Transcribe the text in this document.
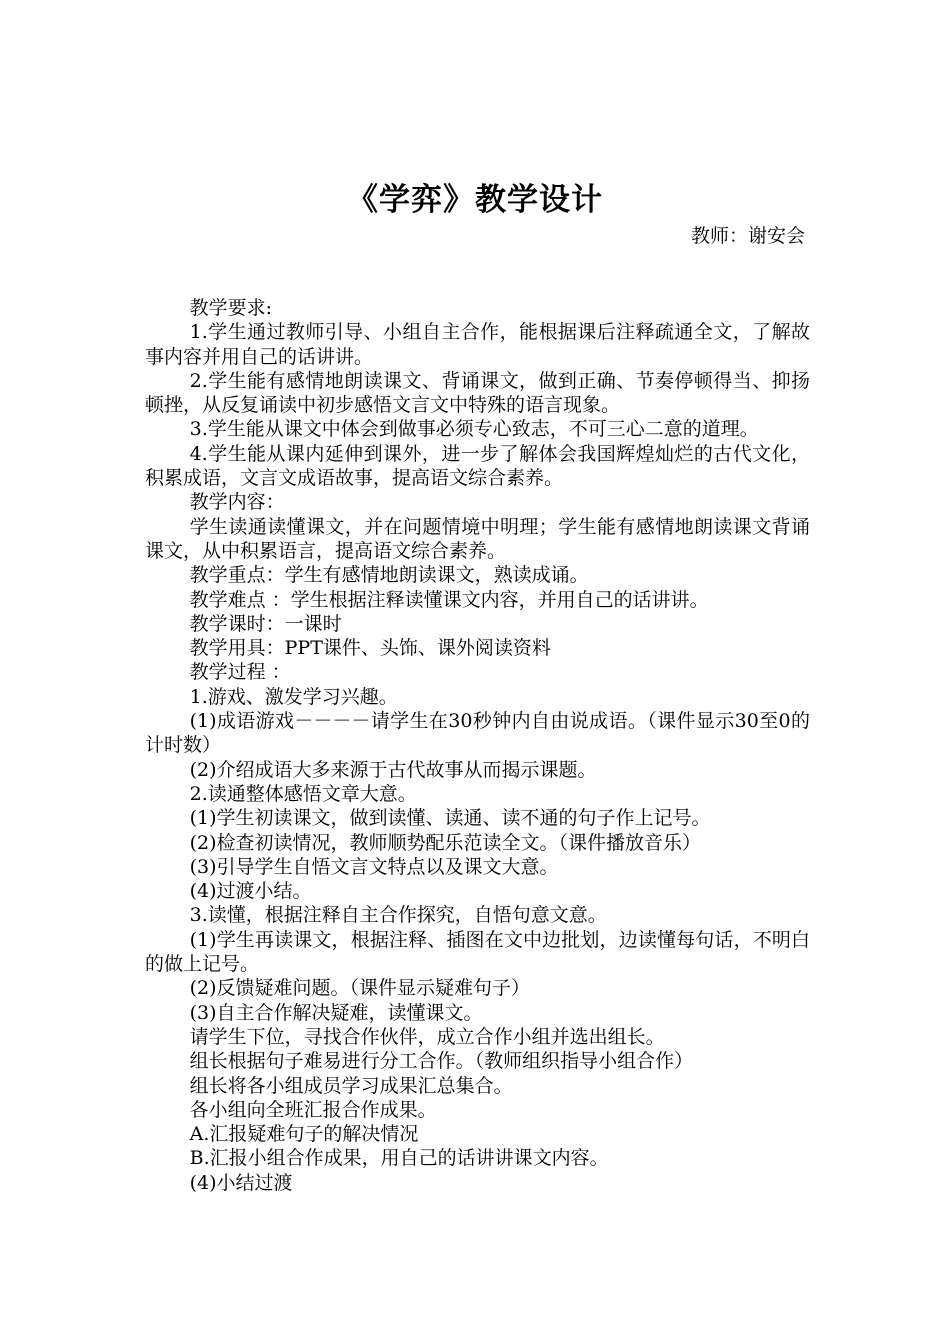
《学弈》教学设计
教师：谢安会

教学要求:

1.学生通过教师引导、小组自主合作，能根据课后注释疏通全文，了解故事内容并用自己的话讲讲。

2.学生能有感情地朗读课文、背诵课文，做到正确、节奏停顿得当、抑扬顿挫，从反复诵读中初步感悟文言文中特殊的语言现象。

3.学生能从课文中体会到做事必须专心致志，不可三心二意的道理。

4.学生能从课内延伸到课外，进一步了解体会我国辉煌灿烂的古代文化，积累成语，文言文成语故事，提高语文综合素养。

教学内容：

学生读通读懂课文，并在问题情境中明理；学生能有感情地朗读课文背诵课文，从中积累语言，提高语文综合素养。

教学重点：学生有感情地朗读课文，熟读成诵。

教学难点 ：学生根据注释读懂课文内容，并用自己的话讲讲。

教学课时：一课时

教学用具：PPT课件、头饰、课外阅读资料

教学过程 ：

1.游戏、激发学习兴趣。

(1)成语游戏－－－－请学生在30秒钟内自由说成语。（课件显示30至0的计时数）

(2)介绍成语大多来源于古代故事从而揭示课题。

2.读通整体感悟文章大意。

(1)学生初读课文，做到读懂、读通、读不通的句子作上记号。

(2)检查初读情况，教师顺势配乐范读全文。（课件播放音乐）

(3)引导学生自悟文言文特点以及课文大意。

(4)过渡小结。

3.读懂，根据注释自主合作探究，自悟句意文意。

(1)学生再读课文，根据注释、插图在文中边批划，边读懂每句话，不明白的做上记号。

(2)反馈疑难问题。（课件显示疑难句子）

(3)自主合作解决疑难，读懂课文。

请学生下位，寻找合作伙伴，成立合作小组并选出组长。

组长根据句子难易进行分工合作。（教师组织指导小组合作）

组长将各小组成员学习成果汇总集合。

各小组向全班汇报合作成果。

A.汇报疑难句子的解决情况

B.汇报小组合作成果，用自己的话讲讲课文内容。

(4)小结过渡
